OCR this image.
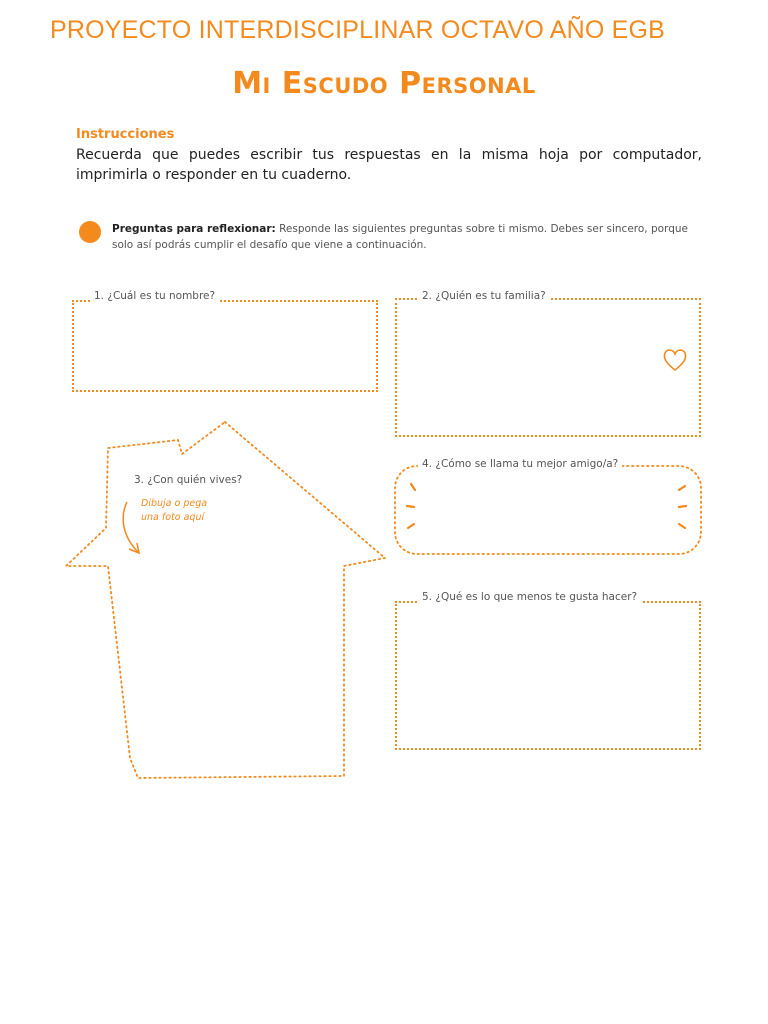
PROYECTO INTERDISCIPLINAR OCTAVO AÑO EGB
Mi Escudo Personal
Instrucciones
Recuerda que puedes escribir tus respuestas en la misma hoja por computador, imprimirla o responder en tu cuaderno.
Preguntas para reflexionar: Responde las siguientes preguntas sobre ti mismo. Debes ser sincero, porque solo así podrás cumplir el desafío que viene a continuación.
1. ¿Cuál es tu nombre?	2. ¿Quién es tu familia?
3. ¿Con quién vives?
Dibuja o pega
una foto aquí
4. ¿Cómo se llama tu mejor amigo/a?
5. ¿Qué es lo que menos te gusta hacer?
